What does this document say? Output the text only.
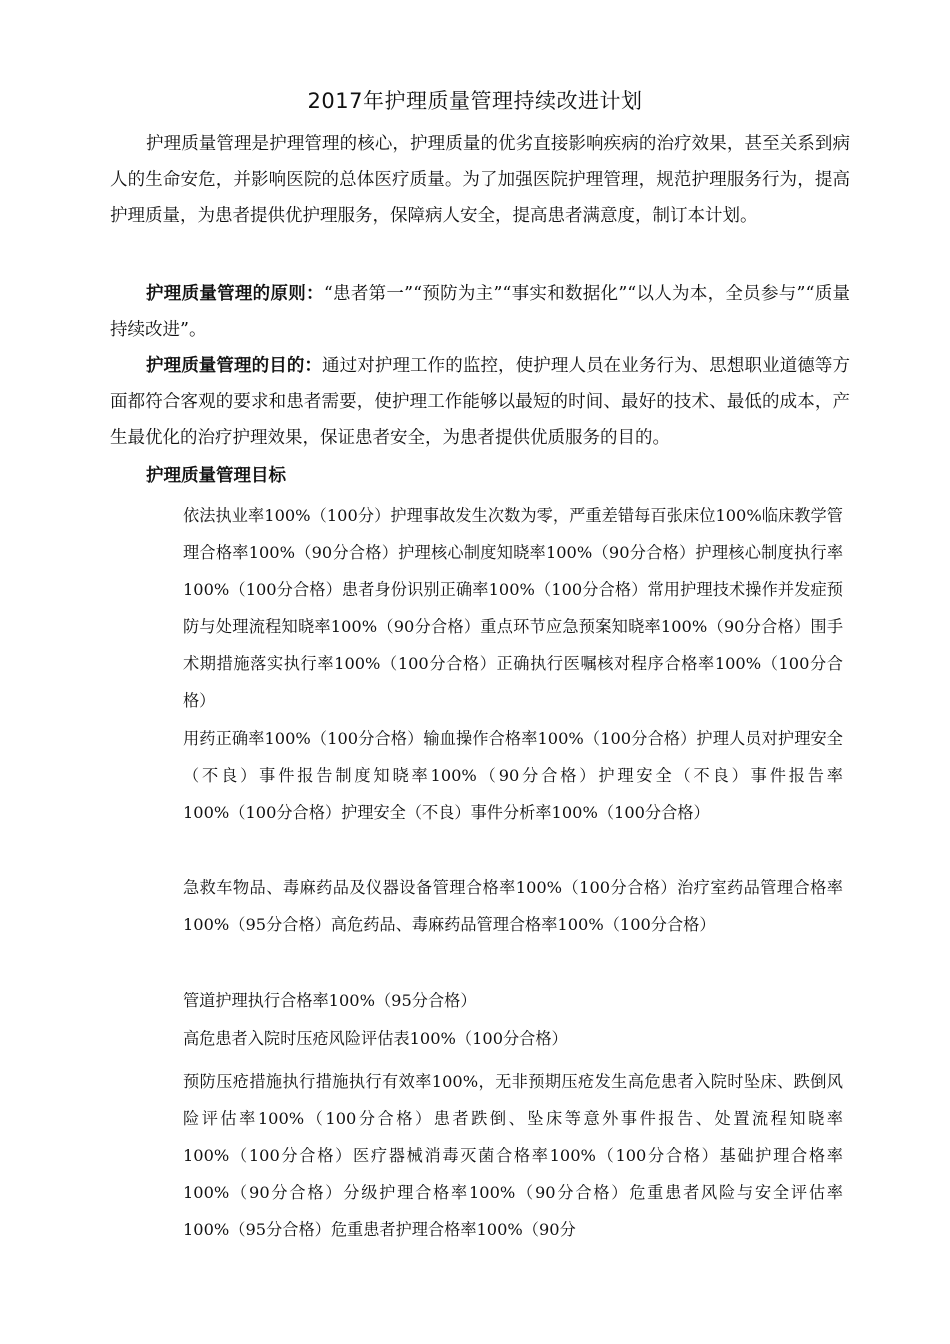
2017年护理质量管理持续改进计划

护理质量管理是护理管理的核心，护理质量的优劣直接影响疾病的治疗效果，甚至关系到病人的生命安危，并影响医院的总体医疗质量。为了加强医院护理管理，规范护理服务行为，提高护理质量，为患者提供优护理服务，保障病人安全，提高患者满意度，制订本计划。

护理质量管理的原则：“患者第一”“预防为主”“事实和数据化”“以人为本，全员参与”“质量持续改进”。

护理质量管理的目的：通过对护理工作的监控，使护理人员在业务行为、思想职业道德等方面都符合客观的要求和患者需要，使护理工作能够以最短的时间、最好的技术、最低的成本，产生最优化的治疗护理效果，保证患者安全，为患者提供优质服务的目的。

护理质量管理目标

依法执业率100%（100分）护理事故发生次数为零，严重差错每百张床位100%临床教学管理合格率100%（90分合格）护理核心制度知晓率100%（90分合格）护理核心制度执行率100%（100分合格）患者身份识别正确率100%（100分合格）常用护理技术操作并发症预防与处理流程知晓率100%（90分合格）重点环节应急预案知晓率100%（90分合格）围手术期措施落实执行率100%（100分合格）正确执行医嘱核对程序合格率100%（100分合格）

用药正确率100%（100分合格）输血操作合格率100%（100分合格）护理人员对护理安全（不良）事件报告制度知晓率100%（90分合格）护理安全（不良）事件报告率100%（100分合格）护理安全（不良）事件分析率100%（100分合格）

急救车物品、毒麻药品及仪器设备管理合格率100%（100分合格）治疗室药品管理合格率100%（95分合格）高危药品、毒麻药品管理合格率100%（100分合格）

管道护理执行合格率100%（95分合格）

高危患者入院时压疮风险评估表100%（100分合格）

预防压疮措施执行措施执行有效率100%，无非预期压疮发生高危患者入院时坠床、跌倒风险评估率100%（100分合格）患者跌倒、坠床等意外事件报告、处置流程知晓率100%（100分合格）医疗器械消毒灭菌合格率100%（100分合格）基础护理合格率100%（90分合格）分级护理合格率100%（90分合格）危重患者风险与安全评估率100%（95分合格）危重患者护理合格率100%（90分
